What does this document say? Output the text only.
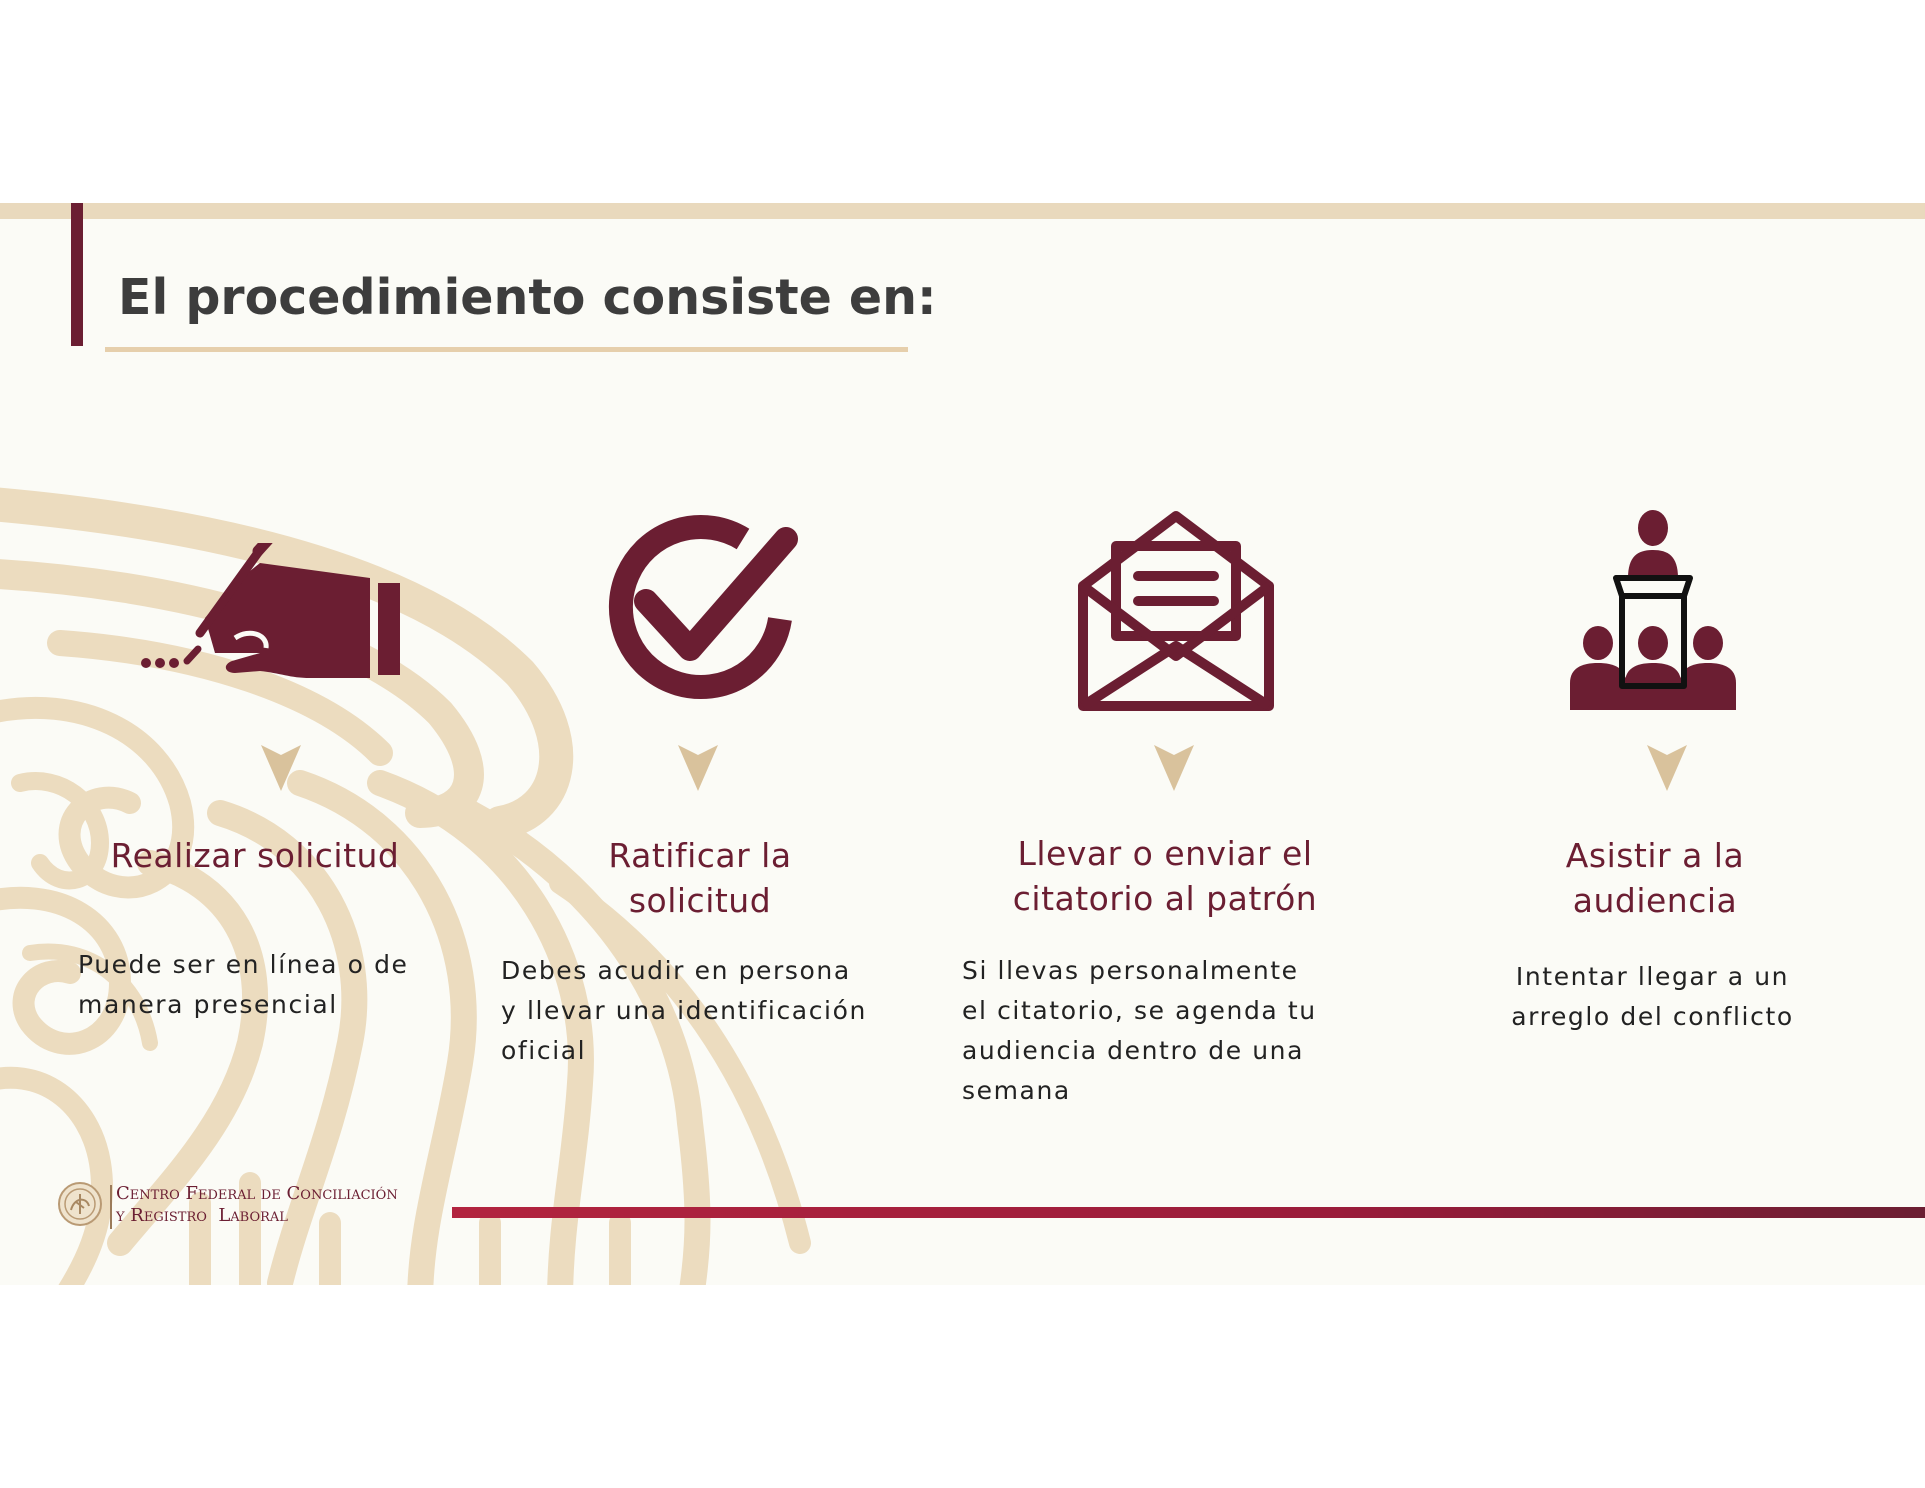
El procedimiento consiste en:
Realizar solicitud

Puede ser en línea o de
manera presencial

Ratificar la
solicitud

Debes acudir en persona
y llevar una identificación
oficial

Llevar o enviar el
citatorio al patrón

Si llevas personalmente
el citatorio, se agenda tu
audiencia dentro de una
semana

Asistir a la
audiencia

Intentar llegar a un
arreglo del conflicto

Centro Federal de Conciliación
y Registro  Laboral
